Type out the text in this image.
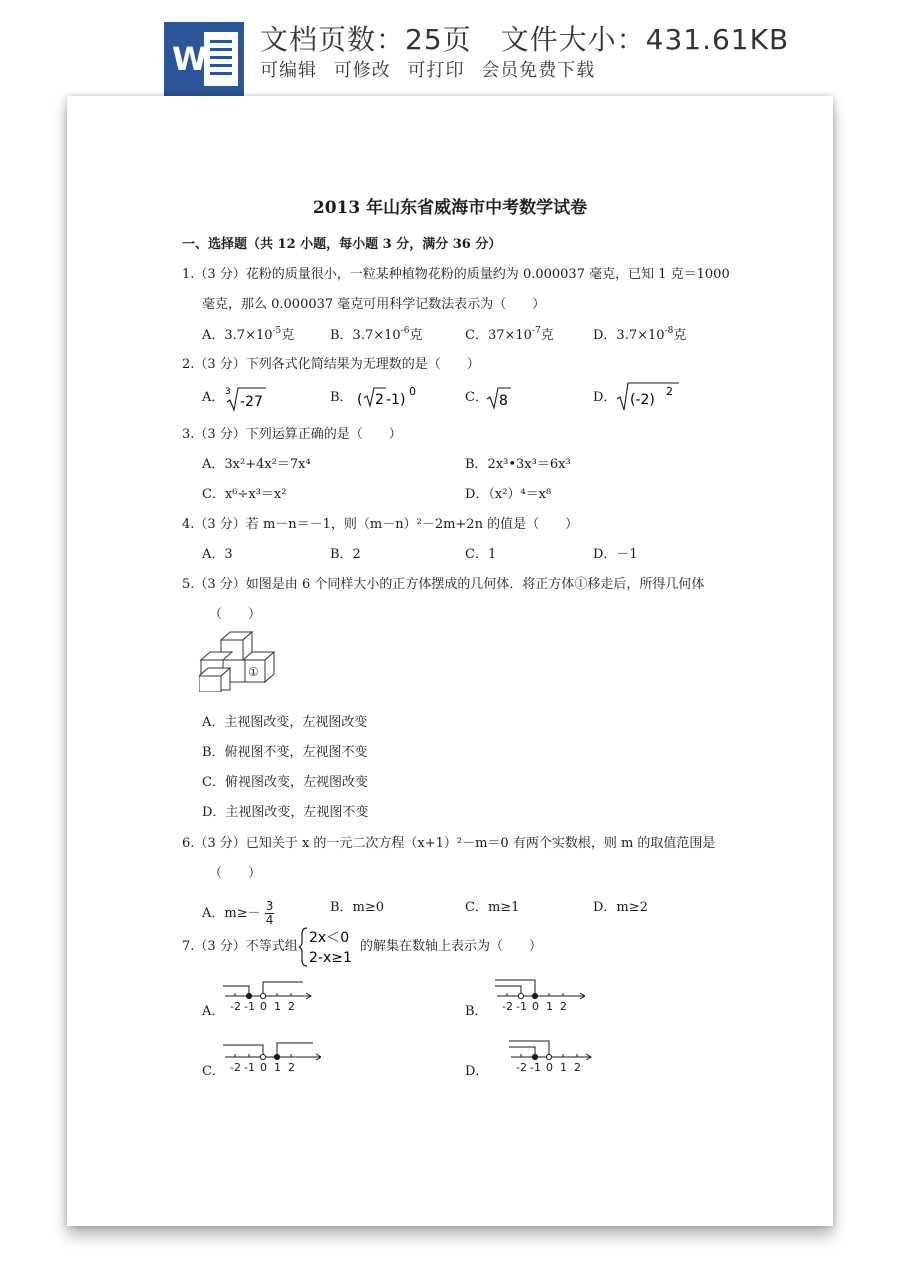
W
文档页数：25页　文件大小：431.61KB
可编辑 可修改 可打印 会员免费下载
2013 年山东省威海市中考数学试卷
一、选择题（共 12 小题，每小题 3 分，满分 36 分）
1.（3 分）花粉的质量很小，一粒某种植物花粉的质量约为 0.000037 毫克，已知 1 克＝1000
毫克，那么 0.000037 毫克可用科学记数法表示为（　　）
A．$3.7\times 10^{-5}$克	B．$3.7\times 10^{-6}$克	C．$37\times 10^{-7}$克	D．$3.7\times 10^{-8}$克
2.（3 分）下列各式化简结果为无理数的是（　　）
A． 3
-27	B． ( 2 -1)
0	C． 8	D． (-2)
2
3.（3 分）下列运算正确的是（　　）
A．3x²+4x²＝7x⁴	B．2x³•3x³＝6x³
C．x⁶÷x³＝x²	D．（x²）⁴＝x⁸
4.（3 分）若 m－n＝－1，则（m－n）²－2m+2n 的值是（　　）
A．3	B．2	C．1	D．－1
5.（3 分）如图是由 6 个同样大小的正方体摆成的几何体．将正方体①移走后，所得几何体
（　　）
①
A．主视图改变，左视图改变
B．俯视图不变，左视图不变
C．俯视图改变，左视图改变
D．主视图改变，左视图不变
6.（3 分）已知关于 x 的一元二次方程（x+1）²－m＝0 有两个实数根，则 m 的取值范围是
（　　）
A．$m\ge- \frac{3}{4}$	B．m≥0	C．m≥1	D．m≥2
7.（3 分）不等式组
2x＜0
2-x≥1
的解集在数轴上表示为（　　）
A． -2 -1 0 1 2	B． -2 -1 0 1 2
C． -2 -1 0 1 2	D．	-2 -1 0 1 2
